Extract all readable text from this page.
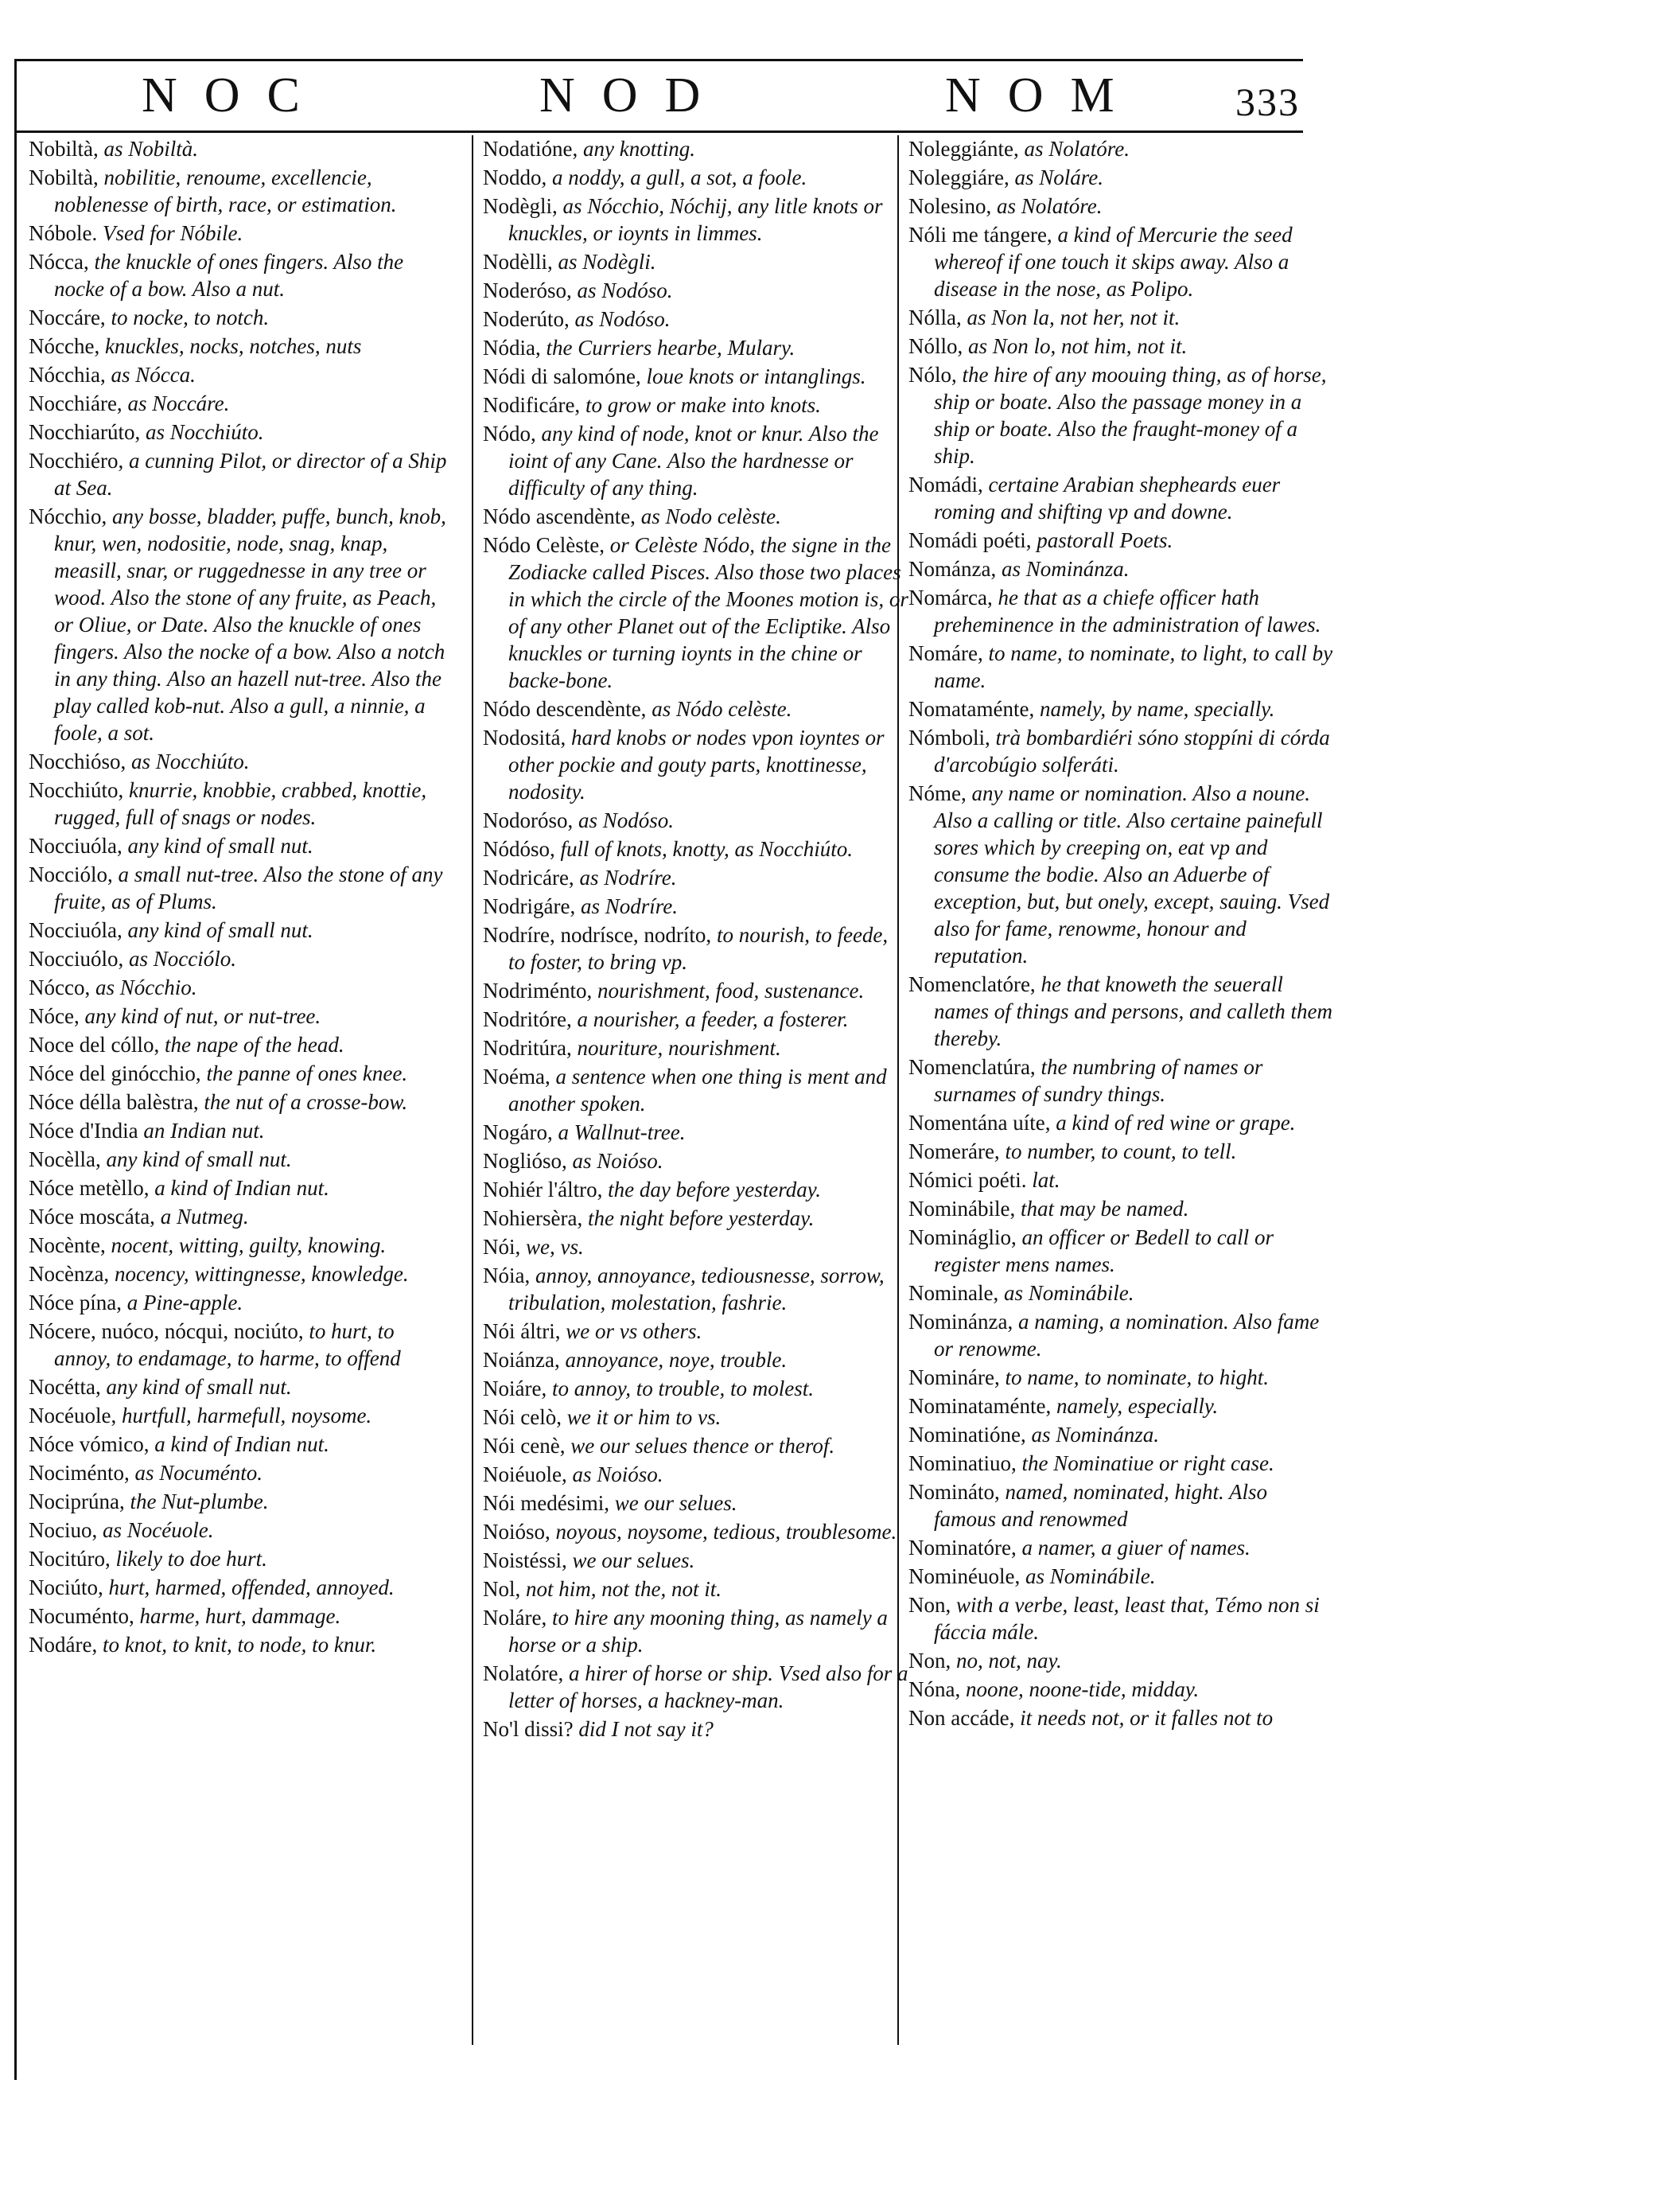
NOC	NOD	NOM 333
Nobiltà, as Nobiltà.
Nobiltà, nobilitie, renoume, excellencie, noblenesse of birth, race, or estimation.
Nóbole. Vsed for Nóbile.
Nócca, the knuckle of ones fingers. Also the nocke of a bow. Also a nut.
Noccáre, to nocke, to notch.
Nócche, knuckles, nocks, notches, nuts
Nócchia, as Nócca.
Nocchiáre, as Noccáre.
Nocchiarúto, as Nocchiúto.
Nocchiéro, a cunning Pilot, or director of a Ship at Sea.
Nócchio, any bosse, bladder, puffe, bunch, knob, knur, wen, nodositie, node, snag, knap, measill, snar, or ruggednesse in any tree or wood. Also the stone of any fruite, as Peach, or Oliue, or Date. Also the knuckle of ones fingers. Also the nocke of a bow. Also a notch in any thing. Also an hazell nut-tree. Also the play called kob-nut. Also a gull, a ninnie, a foole, a sot.
Nocchióso, as Nocchiúto.
Nocchiúto, knurrie, knobbie, crabbed, knottie, rugged, full of snags or nodes.
Nocciuóla, any kind of small nut.
Nocciólo, a small nut-tree. Also the stone of any fruite, as of Plums.
Nocciuóla, any kind of small nut.
Nocciuólo, as Nocciólo.
Nócco, as Nócchio.
Nóce, any kind of nut, or nut-tree.
Noce del cóllo, the nape of the head.
Nóce del ginócchio, the panne of ones knee.
Nóce délla balèstra, the nut of a crosse-bow.
Nóce d'India an Indian nut.
Nocèlla, any kind of small nut.
Nóce metèllo, a kind of Indian nut.
Nóce moscáta, a Nutmeg.
Nocènte, nocent, witting, guilty, knowing.
Nocènza, nocency, wittingnesse, knowledge.
Nóce pína, a Pine-apple.
Nócere, nuóco, nócqui, nociúto, to hurt, to annoy, to endamage, to harme, to offend
Nocétta, any kind of small nut.
Nocéuole, hurtfull, harmefull, noysome.
Nóce vómico, a kind of Indian nut.
Nociménto, as Nocuménto.
Nociprúna, the Nut-plumbe.
Nociuo, as Nocéuole.
Nocitúro, likely to doe hurt.
Nociúto, hurt, harmed, offended, annoyed.
Nocuménto, harme, hurt, dammage.
Nodáre, to knot, to knit, to node, to knur.
Nodatióne, any knotting.
Noddo, a noddy, a gull, a sot, a foole.
Nodègli, as Nócchio, Nóchij, any litle knots or knuckles, or ioynts in limmes.
Nodèlli, as Nodègli.
Noderóso, as Nodóso.
Noderúto, as Nodóso.
Nódia, the Curriers hearbe, Mulary.
Nódi di salomóne, loue knots or intanglings.
Nodificáre, to grow or make into knots.
Nódo, any kind of node, knot or knur. Also the ioint of any Cane. Also the hardnesse or difficulty of any thing.
Nódo ascendènte, as Nodo celèste.
Nódo Celèste, or Celèste Nódo, the signe in the Zodiacke called Pisces. Also those two places in which the circle of the Moones motion is, or of any other Planet out of the Ecliptike. Also knuckles or turning ioynts in the chine or backe-bone.
Nódo descendènte, as Nódo celèste.
Nodositá, hard knobs or nodes vpon ioyntes or other pockie and gouty parts, knottinesse, nodosity.
Nodoróso, as Nodóso.
Nódóso, full of knots, knotty, as Nocchiúto.
Nodricáre, as Nodríre.
Nodrigáre, as Nodríre.
Nodríre, nodrísce, nodríto, to nourish, to feede, to foster, to bring vp.
Nodriménto, nourishment, food, sustenance.
Nodritóre, a nourisher, a feeder, a fosterer.
Nodritúra, nouriture, nourishment.
Noéma, a sentence when one thing is ment and another spoken.
Nogáro, a Wallnut-tree.
Noglióso, as Noióso.
Nohiér l'áltro, the day before yesterday.
Nohiersèra, the night before yesterday.
Nói, we, vs.
Nóia, annoy, annoyance, tediousnesse, sorrow, tribulation, molestation, fashrie.
Nói áltri, we or vs others.
Noiánza, annoyance, noye, trouble.
Noiáre, to annoy, to trouble, to molest.
Nói celò, we it or him to vs.
Nói cenè, we our selues thence or therof.
Noiéuole, as Noióso.
Nói medésimi, we our selues.
Noióso, noyous, noysome, tedious, troublesome.
Noistéssi, we our selues.
Nol, not him, not the, not it.
Noláre, to hire any mooning thing, as namely a horse or a ship.
Nolatóre, a hirer of horse or ship. Vsed also for a letter of horses, a hackney-man.
No'l dissi? did I not say it?
Noleggiánte, as Nolatóre.
Noleggiáre, as Noláre.
Nolesino, as Nolatóre.
Nóli me tángere, a kind of Mercurie the seed whereof if one touch it skips away. Also a disease in the nose, as Polipo.
Nólla, as Non la, not her, not it.
Nóllo, as Non lo, not him, not it.
Nólo, the hire of any moouing thing, as of horse, ship or boate. Also the passage money in a ship or boate. Also the fraught-money of a ship.
Nomádi, certaine Arabian shepheards euer roming and shifting vp and downe.
Nomádi poéti, pastorall Poets.
Nománza, as Nominánza.
Nomárca, he that as a chiefe officer hath preheminence in the administration of lawes.
Nomáre, to name, to nominate, to light, to call by name.
Nomataménte, namely, by name, specially.
Nómboli, trà bombardiéri sóno stoppíni di córda d'arcobúgio solferáti.
Nóme, any name or nomination. Also a noune. Also a calling or title. Also certaine painefull sores which by creeping on, eat vp and consume the bodie. Also an Aduerbe of exception, but, but onely, except, sauing. Vsed also for fame, renowme, honour and reputation.
Nomenclatóre, he that knoweth the seuerall names of things and persons, and calleth them thereby.
Nomenclatúra, the numbring of names or surnames of sundry things.
Nomentána uíte, a kind of red wine or grape.
Nomeráre, to number, to count, to tell.
Nómici poéti. lat.
Nominábile, that may be named.
Nomináglio, an officer or Bedell to call or register mens names.
Nominale, as Nominábile.
Nominánza, a naming, a nomination. Also fame or renowme.
Nomináre, to name, to nominate, to hight.
Nominataménte, namely, especially.
Nominatióne, as Nominánza.
Nominatiuo, the Nominatiue or right case.
Nomináto, named, nominated, hight. Also famous and renowmed
Nominatóre, a namer, a giuer of names.
Nominéuole, as Nominábile.
Non, with a verbe, least, least that, Témo non si fáccia mále.
Non, no, not, nay.
Nóna, noone, noone-tide, midday.
Non accáde, it needs not, or it falles not to
